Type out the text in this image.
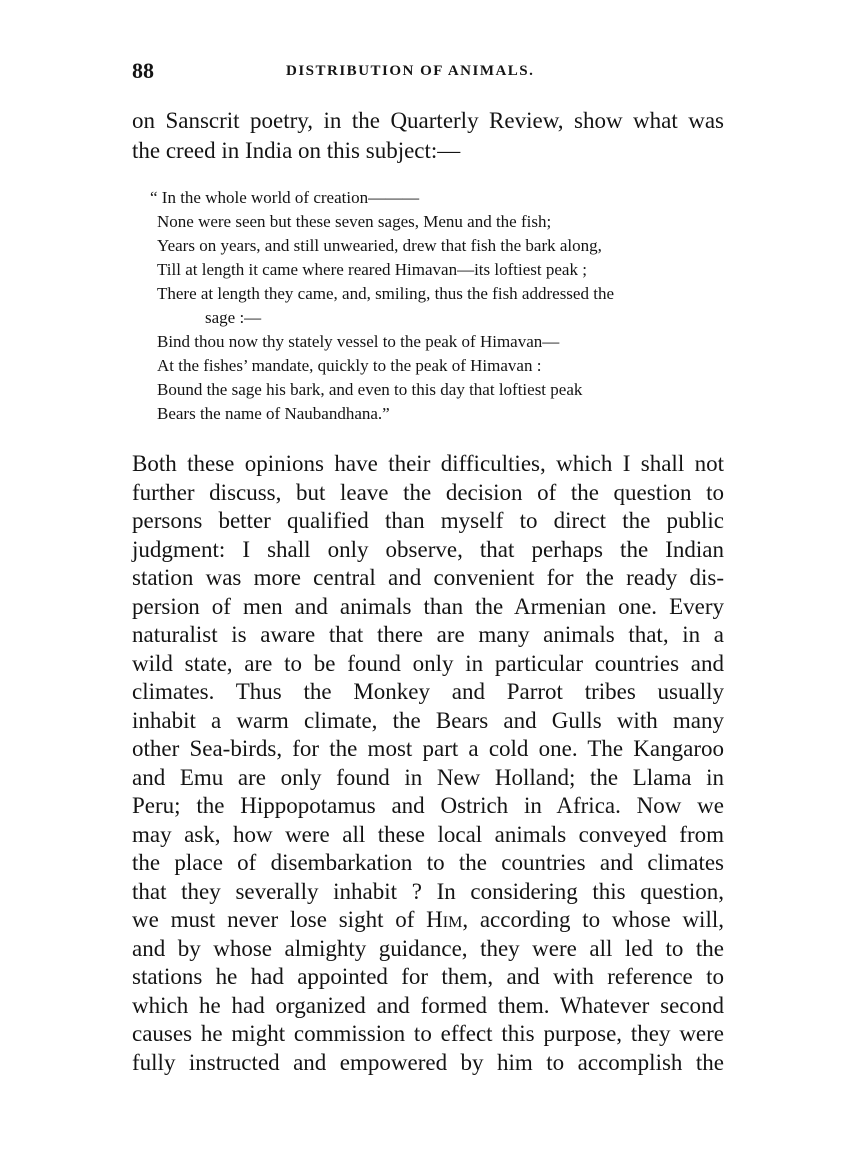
88	DISTRIBUTION OF ANIMALS.
on Sanscrit poetry, in the Quarterly Review, show what was
the creed in India on this subject:—
“ In the whole world of creation———
None were seen but these seven sages, Menu and the fish;
Years on years, and still unwearied, drew that fish the bark along,
Till at length it came where reared Himavan—its loftiest peak ;
There at length they came, and, smiling, thus the fish addressed the
sage :—
Bind thou now thy stately vessel to the peak of Himavan—
At the fishes’ mandate, quickly to the peak of Himavan :
Bound the sage his bark, and even to this day that loftiest peak
Bears the name of Naubandhana.”
Both these opinions have their difficulties, which I shall not
further discuss, but leave the decision of the question to
persons better qualified than myself to direct the public
judgment: I shall only observe, that perhaps the Indian
station was more central and convenient for the ready dis-
persion of men and animals than the Armenian one. Every
naturalist is aware that there are many animals that, in a
wild state, are to be found only in particular countries and
climates. Thus the Monkey and Parrot tribes usually
inhabit a warm climate, the Bears and Gulls with many
other Sea-birds, for the most part a cold one. The Kangaroo
and Emu are only found in New Holland; the Llama in
Peru; the Hippopotamus and Ostrich in Africa. Now we
may ask, how were all these local animals conveyed from
the place of disembarkation to the countries and climates
that they severally inhabit ? In considering this question,
we must never lose sight of Him, according to whose will,
and by whose almighty guidance, they were all led to the
stations he had appointed for them, and with reference to
which he had organized and formed them. Whatever second
causes he might commission to effect this purpose, they were
fully instructed and empowered by him to accomplish the
